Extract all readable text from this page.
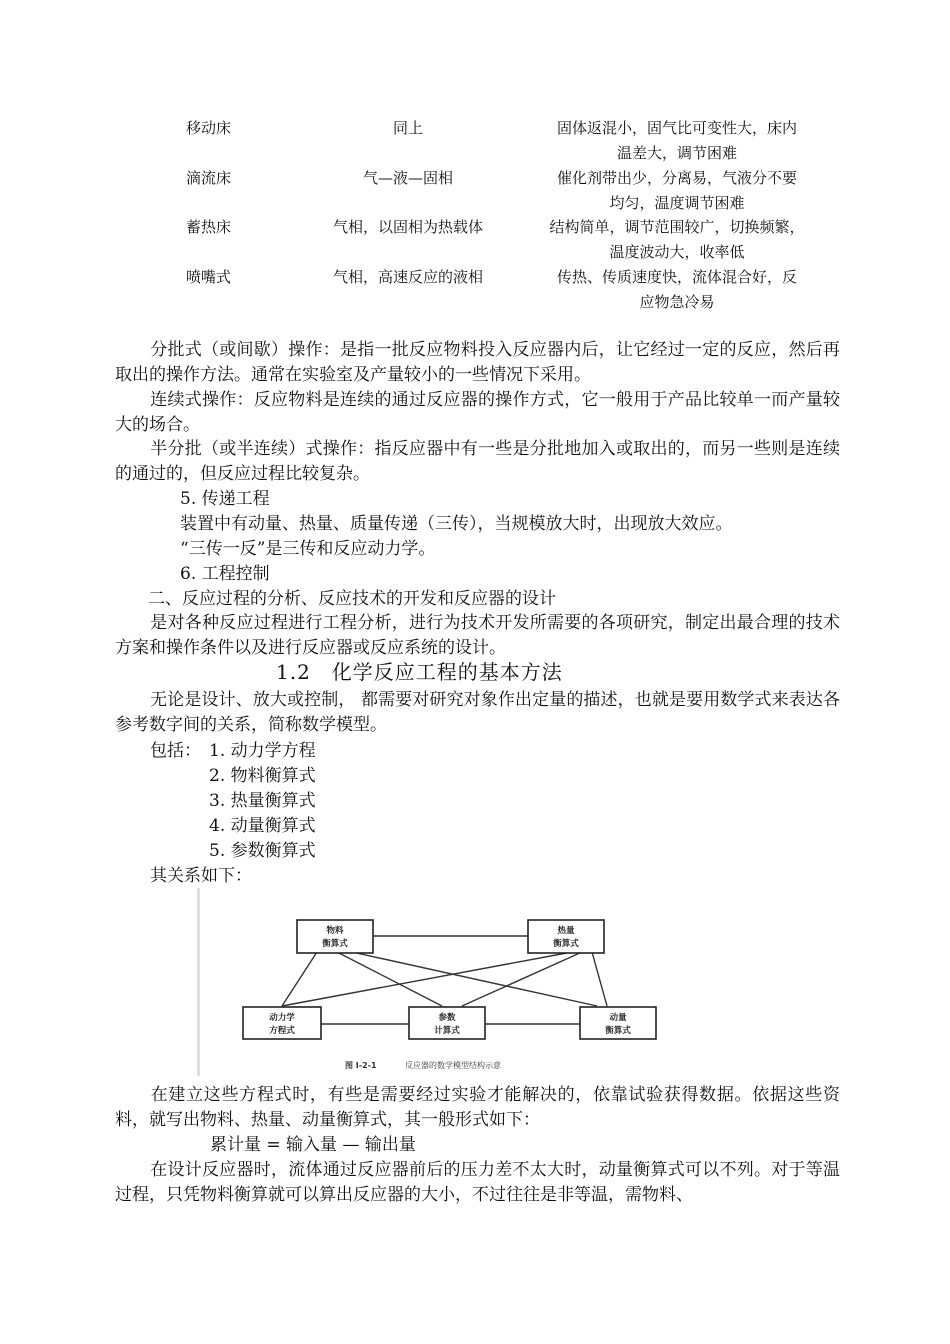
移动床	同上	固体返混小，固气比可变性大，床内
温差大，调节困难
滴流床	气—液—固相	催化剂带出少，分离易，气液分不要
均匀，温度调节困难
蓄热床	气相，以固相为热载体	结构简单，调节范围较广，切换频繁，
温度波动大，收率低
喷嘴式	气相，高速反应的液相	传热、传质速度快，流体混合好，反
应物急冷易
分批式（或间歇）操作：是指一批反应物料投入反应器内后，让它经过一定的反应，然后再取出的操作方法。通常在实验室及产量较小的一些情况下采用。
连续式操作：反应物料是连续的通过反应器的操作方式，它一般用于产品比较单一而产量较大的场合。
半分批（或半连续）式操作：指反应器中有一些是分批地加入或取出的，而另一些则是连续的通过的，但反应过程比较复杂。
5. 传递工程
装置中有动量、热量、质量传递（三传），当规模放大时，出现放大效应。
“三传一反”是三传和反应动力学。
6. 工程控制
二、反应过程的分析、反应技术的开发和反应器的设计
是对各种反应过程进行工程分析，进行为技术开发所需要的各项研究，制定出最合理的技术方案和操作条件以及进行反应器或反应系统的设计。
1.2　化学反应工程的基本方法
无论是设计、放大或控制， 都需要对研究对象作出定量的描述，也就是要用数学式来表达各参考数字间的关系，简称数学模型。
包括： 1. 动力学方程
2. 物料衡算式
3. 热量衡算式
4. 动量衡算式
5. 参数衡算式
其关系如下：
物料
衡算式
热量
衡算式
动力学
方程式
参数
计算式
动量
衡算式
图 I-2-1	反应器的数学模型结构示意
在建立这些方程式时，有些是需要经过实验才能解决的，依靠试验获得数据。依据这些资料，就写出物料、热量、动量衡算式，其一般形式如下：
累计量 = 输入量 — 输出量
在设计反应器时，流体通过反应器前后的压力差不太大时，动量衡算式可以不列。对于等温过程，只凭物料衡算就可以算出反应器的大小，不过往往是非等温，需物料、
